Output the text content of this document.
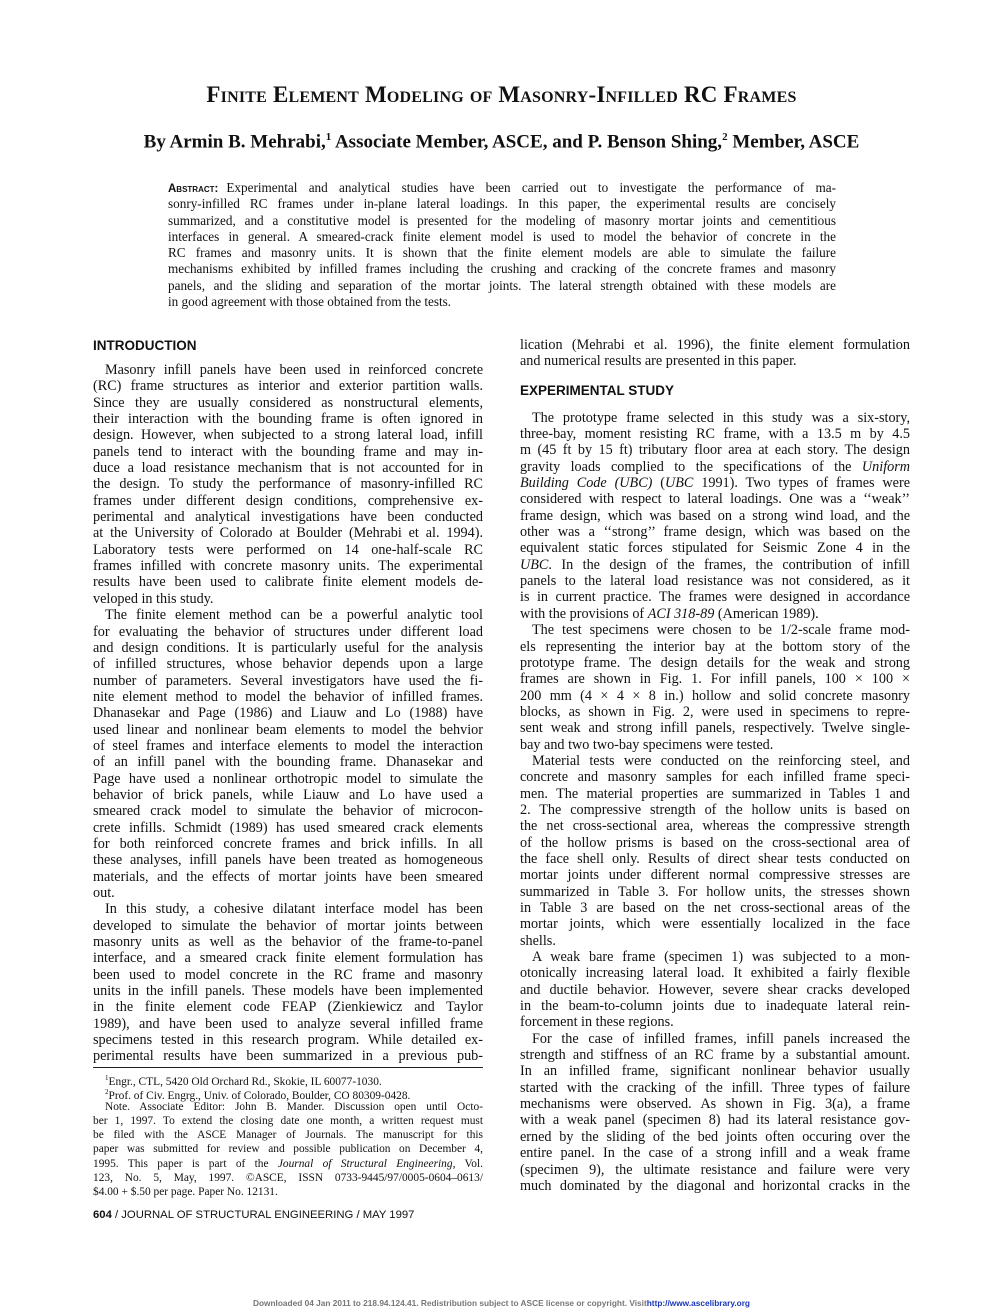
Finite Element Modeling of Masonry-Infilled RC Frames
By Armin B. Mehrabi,$^1$ Associate Member, ASCE, and P. Benson Shing,$^2$ Member, ASCE
Abstract: Experimental and analytical studies have been carried out to investigate the performance of ma-
sonry-infilled RC frames under in-plane lateral loadings. In this paper, the experimental results are concisely
summarized, and a constitutive model is presented for the modeling of masonry mortar joints and cementitious
interfaces in general. A smeared-crack finite element model is used to model the behavior of concrete in the
RC frames and masonry units. It is shown that the finite element models are able to simulate the failure
mechanisms exhibited by infilled frames including the crushing and cracking of the concrete frames and masonry
panels, and the sliding and separation of the mortar joints. The lateral strength obtained with these models are
in good agreement with those obtained from the tests.
INTRODUCTION
Masonry infill panels have been used in reinforced concrete
(RC) frame structures as interior and exterior partition walls.
Since they are usually considered as nonstructural elements,
their interaction with the bounding frame is often ignored in
design. However, when subjected to a strong lateral load, infill
panels tend to interact with the bounding frame and may in-
duce a load resistance mechanism that is not accounted for in
the design. To study the performance of masonry-infilled RC
frames under different design conditions, comprehensive ex-
perimental and analytical investigations have been conducted
at the University of Colorado at Boulder (Mehrabi et al. 1994).
Laboratory tests were performed on 14 one-half-scale RC
frames infilled with concrete masonry units. The experimental
results have been used to calibrate finite element models de-
veloped in this study.
The finite element method can be a powerful analytic tool
for evaluating the behavior of structures under different load
and design conditions. It is particularly useful for the analysis
of infilled structures, whose behavior depends upon a large
number of parameters. Several investigators have used the fi-
nite element method to model the behavior of infilled frames.
Dhanasekar and Page (1986) and Liauw and Lo (1988) have
used linear and nonlinear beam elements to model the behvior
of steel frames and interface elements to model the interaction
of an infill panel with the bounding frame. Dhanasekar and
Page have used a nonlinear orthotropic model to simulate the
behavior of brick panels, while Liauw and Lo have used a
smeared crack model to simulate the behavior of microcon-
crete infills. Schmidt (1989) has used smeared crack elements
for both reinforced concrete frames and brick infills. In all
these analyses, infill panels have been treated as homogeneous
materials, and the effects of mortar joints have been smeared
out.
In this study, a cohesive dilatant interface model has been
developed to simulate the behavior of mortar joints between
masonry units as well as the behavior of the frame-to-panel
interface, and a smeared crack finite element formulation has
been used to model concrete in the RC frame and masonry
units in the infill panels. These models have been implemented
in the finite element code FEAP (Zienkiewicz and Taylor
1989), and have been used to analyze several infilled frame
specimens tested in this research program. While detailed ex-
perimental results have been summarized in a previous pub-
lication (Mehrabi et al. 1996), the finite element formulation
and numerical results are presented in this paper.
EXPERIMENTAL STUDY
The prototype frame selected in this study was a six-story,
three-bay, moment resisting RC frame, with a 13.5 m by 4.5
m (45 ft by 15 ft) tributary floor area at each story. The design
gravity loads complied to the specifications of the Uniform
Building Code (UBC) (UBC 1991). Two types of frames were
considered with respect to lateral loadings. One was a ‘‘weak’’
frame design, which was based on a strong wind load, and the
other was a ‘‘strong’’ frame design, which was based on the
equivalent static forces stipulated for Seismic Zone 4 in the
UBC. In the design of the frames, the contribution of infill
panels to the lateral load resistance was not considered, as it
is in current practice. The frames were designed in accordance
with the provisions of ACI 318-89 (American 1989).
The test specimens were chosen to be 1/2-scale frame mod-
els representing the interior bay at the bottom story of the
prototype frame. The design details for the weak and strong
frames are shown in Fig. 1. For infill panels, 100 × 100 ×
200 mm (4 × 4 × 8 in.) hollow and solid concrete masonry
blocks, as shown in Fig. 2, were used in specimens to repre-
sent weak and strong infill panels, respectively. Twelve single-
bay and two two-bay specimens were tested.
Material tests were conducted on the reinforcing steel, and
concrete and masonry samples for each infilled frame speci-
men. The material properties are summarized in Tables 1 and
2. The compressive strength of the hollow units is based on
the net cross-sectional area, whereas the compressive strength
of the hollow prisms is based on the cross-sectional area of
the face shell only. Results of direct shear tests conducted on
mortar joints under different normal compressive stresses are
summarized in Table 3. For hollow units, the stresses shown
in Table 3 are based on the net cross-sectional areas of the
mortar joints, which were essentially localized in the face
shells.
A weak bare frame (specimen 1) was subjected to a mon-
otonically increasing lateral load. It exhibited a fairly flexible
and ductile behavior. However, severe shear cracks developed
in the beam-to-column joints due to inadequate lateral rein-
forcement in these regions.
For the case of infilled frames, infill panels increased the
strength and stiffness of an RC frame by a substantial amount.
In an infilled frame, significant nonlinear behavior usually
started with the cracking of the infill. Three types of failure
mechanisms were observed. As shown in Fig. 3(a), a frame
with a weak panel (specimen 8) had its lateral resistance gov-
erned by the sliding of the bed joints often occuring over the
entire panel. In the case of a strong infill and a weak frame
(specimen 9), the ultimate resistance and failure were very
much dominated by the diagonal and horizontal cracks in the
$^1$Engr., CTL, 5420 Old Orchard Rd., Skokie, IL 60077-1030.
$^2$Prof. of Civ. Engrg., Univ. of Colorado, Boulder, CO 80309-0428.
Note. Associate Editor: John B. Mander. Discussion open until Octo-
ber 1, 1997. To extend the closing date one month, a written request must
be filed with the ASCE Manager of Journals. The manuscript for this
paper was submitted for review and possible publication on December 4,
1995. This paper is part of the Journal of Structural Engineering, Vol.
123, No. 5, May, 1997. ©ASCE, ISSN 0733-9445/97/0005-0604–0613/
$4.00 + $.50 per page. Paper No. 12131.
604 / JOURNAL OF STRUCTURAL ENGINEERING / MAY 1997
Downloaded 04 Jan 2011 to 218.94.124.41. Redistribution subject to ASCE license or copyright. Visithttp://www.ascelibrary.org
